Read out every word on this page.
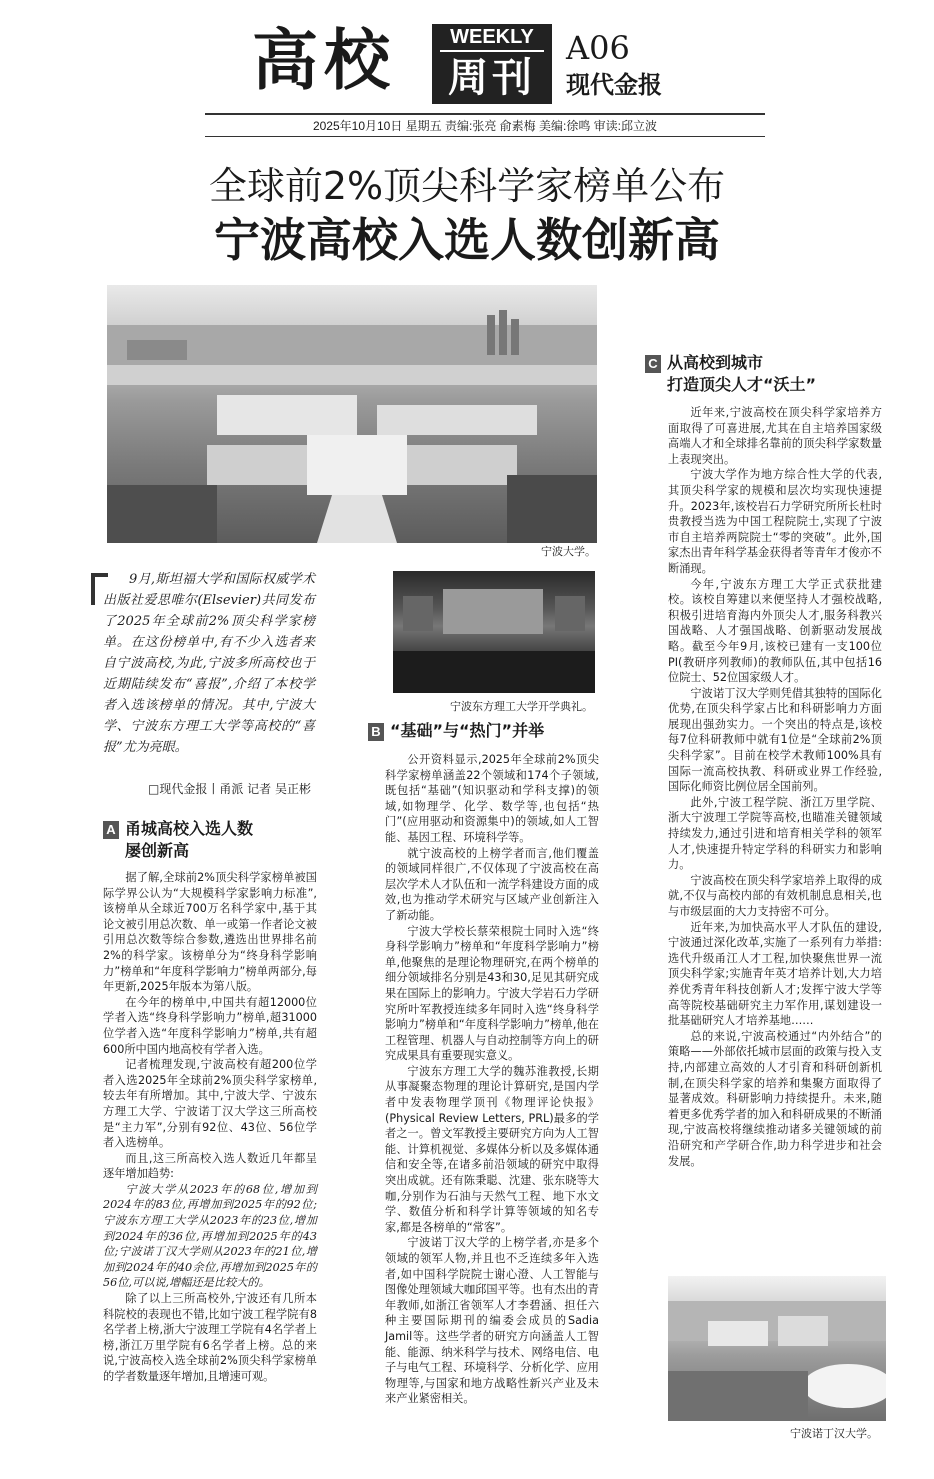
高校	WEEKLY
周刊
A06
现代金报
2025年10月10日 星期五 责编:张亮 俞素梅 美编:徐鸣 审读:邱立波
全球前2%顶尖科学家榜单公布
宁波高校入选人数创新高
宁波大学。
9月,斯坦福大学和国际权威学术出版社爱思唯尔(Elsevier)共同发布了2025年全球前2%顶尖科学家榜单。在这份榜单中,有不少入选者来自宁波高校,为此,宁波多所高校也于近期陆续发布“喜报”,介绍了本校学者入选该榜单的情况。其中,宁波大学、宁波东方理工大学等高校的“喜报”尤为亮眼。
□现代金报丨甬派 记者 吴正彬
宁波东方理工大学开学典礼。
A 甬城高校入选人数
屡创新高

据了解,全球前2%顶尖科学家榜单被国际学界公认为“大规模科学家影响力标准”,该榜单从全球近700万名科学家中,基于其论文被引用总次数、单一或第一作者论文被引用总次数等综合参数,遴选出世界排名前2%的科学家。该榜单分为“终身科学影响力”榜单和“年度科学影响力”榜单两部分,每年更新,2025年版本为第八版。

在今年的榜单中,中国共有超12000位学者入选“终身科学影响力”榜单,超31000位学者入选“年度科学影响力”榜单,共有超600所中国内地高校有学者入选。

记者梳理发现,宁波高校有超200位学者入选2025年全球前2%顶尖科学家榜单,较去年有所增加。其中,宁波大学、宁波东方理工大学、宁波诺丁汉大学这三所高校是“主力军”,分别有92位、43位、56位学者入选榜单。

而且,这三所高校入选人数近几年都呈逐年增加趋势:

宁波大学从2023年的68位,增加到2024年的83位,再增加到2025年的92位;宁波东方理工大学从2023年的23位,增加到2024年的36位,再增加到2025年的43位;宁波诺丁汉大学则从2023年的21位,增加到2024年的40余位,再增加到2025年的56位,可以说,增幅还是比较大的。

除了以上三所高校外,宁波还有几所本科院校的表现也不错,比如宁波工程学院有8名学者上榜,浙大宁波理工学院有4名学者上榜,浙江万里学院有6名学者上榜。总的来说,宁波高校入选全球前2%顶尖科学家榜单的学者数量逐年增加,且增速可观。

B “基础”与“热门”并举

公开资料显示,2025年全球前2%顶尖科学家榜单涵盖22个领域和174个子领域,既包括“基础”(知识驱动和学科支撑)的领域,如物理学、化学、数学等,也包括“热门”(应用驱动和资源集中)的领域,如人工智能、基因工程、环境科学等。

就宁波高校的上榜学者而言,他们覆盖的领域同样很广,不仅体现了宁波高校在高层次学术人才队伍和一流学科建设方面的成效,也为推动学术研究与区域产业创新注入了新动能。

宁波大学校长蔡荣根院士同时入选“终身科学影响力”榜单和“年度科学影响力”榜单,他聚焦的是理论物理研究,在两个榜单的细分领域排名分别是43和30,足见其研究成果在国际上的影响力。宁波大学岩石力学研究所叶军教授连续多年同时入选“终身科学影响力”榜单和“年度科学影响力”榜单,他在工程管理、机器人与自动控制等方向上的研究成果具有重要现实意义。

宁波东方理工大学的魏苏淮教授,长期从事凝聚态物理的理论计算研究,是国内学者中发表物理学顶刊《物理评论快报》(Physical Review Letters, PRL)最多的学者之一。曾文军教授主要研究方向为人工智能、计算机视觉、多媒体分析以及多媒体通信和安全等,在诸多前沿领域的研究中取得突出成就。还有陈秉聪、沈建、张东晓等大咖,分别作为石油与天然气工程、地下水文学、数值分析和科学计算等领域的知名专家,都是各榜单的“常客”。

宁波诺丁汉大学的上榜学者,亦是多个领域的领军人物,并且也不乏连续多年入选者,如中国科学院院士谢心澄、人工智能与图像处理领域大咖邱国平等。也有杰出的青年教师,如浙江省领军人才李碧涵、担任六种主要国际期刊的编委会成员的Sadia Jamil等。这些学者的研究方向涵盖人工智能、能源、纳米科学与技术、网络电信、电子与电气工程、环境科学、分析化学、应用物理等,与国家和地方战略性新兴产业及未来产业紧密相关。

C 从高校到城市
打造顶尖人才“沃土”

近年来,宁波高校在顶尖科学家培养方面取得了可喜进展,尤其在自主培养国家级高端人才和全球排名靠前的顶尖科学家数量上表现突出。

宁波大学作为地方综合性大学的代表,其顶尖科学家的规模和层次均实现快速提升。2023年,该校岩石力学研究所所长杜时贵教授当选为中国工程院院士,实现了宁波市自主培养两院院士“零的突破”。此外,国家杰出青年科学基金获得者等青年才俊亦不断涌现。

今年,宁波东方理工大学正式获批建校。该校自筹建以来便坚持人才强校战略,积极引进培育海内外顶尖人才,服务科教兴国战略、人才强国战略、创新驱动发展战略。截至今年9月,该校已建有一支100位PI(教研序列教师)的教师队伍,其中包括16位院士、52位国家级人才。

宁波诺丁汉大学则凭借其独特的国际化优势,在顶尖科学家占比和科研影响力方面展现出强劲实力。一个突出的特点是,该校每7位科研教师中就有1位是“全球前2%顶尖科学家”。目前在校学术教师100%具有国际一流高校执教、科研或业界工作经验,国际化师资比例位居全国前列。

此外,宁波工程学院、浙江万里学院、浙大宁波理工学院等高校,也瞄准关键领域持续发力,通过引进和培育相关学科的领军人才,快速提升特定学科的科研实力和影响力。

宁波高校在顶尖科学家培养上取得的成就,不仅与高校内部的有效机制息息相关,也与市级层面的大力支持密不可分。

近年来,为加快高水平人才队伍的建设,宁波通过深化改革,实施了一系列有力举措:选代升级甬江人才工程,加快聚焦世界一流顶尖科学家;实施青年英才培养计划,大力培养优秀青年科技创新人才;发挥宁波大学等高等院校基础研究主力军作用,谋划建设一批基础研究人才培养基地……

总的来说,宁波高校通过“内外结合”的策略——外部依托城市层面的政策与投入支持,内部建立高效的人才引育和科研创新机制,在顶尖科学家的培养和集聚方面取得了显著成效。科研影响力持续提升。未来,随着更多优秀学者的加入和科研成果的不断涌现,宁波高校将继续推动诸多关键领域的前沿研究和产学研合作,助力科学进步和社会发展。

宁波诺丁汉大学。
